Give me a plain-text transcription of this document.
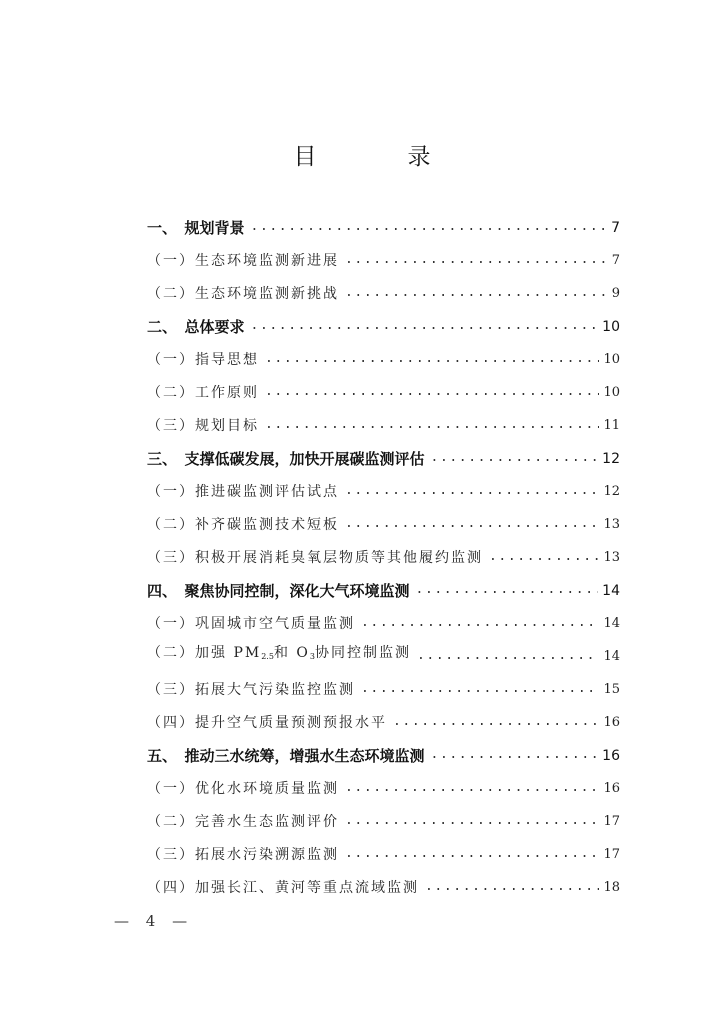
目　录
一、　规划背景 .....	7
（一）生态环境监测新进展 .....	7
（二）生态环境监测新挑战 .....	9
二、　总体要求 .....	10
（一）指导思想 .....	10
（二）工作原则 .....	10
（三）规划目标 .....	11
三、　支撑低碳发展，加快开展碳监测评估 .....	12
（一）推进碳监测评估试点 .....	12
（二）补齐碳监测技术短板 .....	13
（三）积极开展消耗臭氧层物质等其他履约监测 .....	13
四、　聚焦协同控制，深化大气环境监测 .....	14
（一）巩固城市空气质量监测 .....	14
（二）加强 $PM_{2.5}$和 $O_3$协同控制监测 .....	14
（三）拓展大气污染监控监测 .....	15
（四）提升空气质量预测预报水平 .....	16
五、　推动三水统筹，增强水生态环境监测 .....	16
（一）优化水环境质量监测 .....	16
（二）完善水生态监测评价 .....	17
（三）拓展水污染溯源监测 .....	17
（四）加强长江、黄河等重点流域监测 .....	18
— 4 —
